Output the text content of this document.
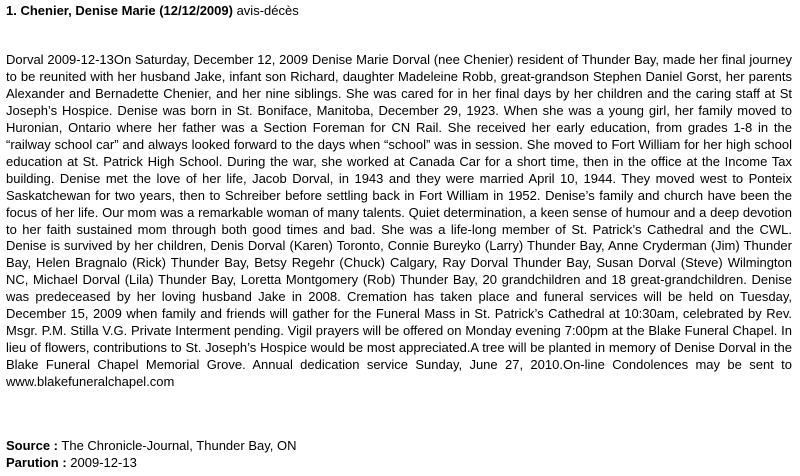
1. Chenier, Denise Marie (12/12/2009) avis-décès

Dorval 2009-12-13On Saturday, December 12, 2009 Denise Marie Dorval (nee Chenier) resident of Thunder Bay, made her final journey to be reunited with her husband Jake, infant son Richard, daughter Madeleine Robb, great-grandson Stephen Daniel Gorst, her parents Alexander and Bernadette Chenier, and her nine siblings. She was cared for in her final days by her children and the caring staff at St Joseph’s Hospice. Denise was born in St. Boniface, Manitoba, December 29, 1923. When she was a young girl, her family moved to Huronian, Ontario where her father was a Section Foreman for CN Rail. She received her early education, from grades 1-8 in the “railway school car” and always looked forward to the days when “school” was in session. She moved to Fort William for her high school education at St. Patrick High School. During the war, she worked at Canada Car for a short time, then in the office at the Income Tax building. Denise met the love of her life, Jacob Dorval, in 1943 and they were married April 10, 1944. They moved west to Ponteix Saskatchewan for two years, then to Schreiber before settling back in Fort William in 1952. Denise’s family and church have been the focus of her life. Our mom was a remarkable woman of many talents. Quiet determination, a keen sense of humour and a deep devotion to her faith sustained mom through both good times and bad. She was a life-long member of St. Patrick’s Cathedral and the CWL. Denise is survived by her children, Denis Dorval (Karen) Toronto, Connie Bureyko (Larry) Thunder Bay, Anne Cryderman (Jim) Thunder Bay, Helen Bragnalo (Rick) Thunder Bay, Betsy Regehr (Chuck) Calgary, Ray Dorval Thunder Bay, Susan Dorval (Steve) Wilmington NC, Michael Dorval (Lila) Thunder Bay, Loretta Montgomery (Rob) Thunder Bay, 20 grandchildren and 18 great-grandchildren. Denise was predeceased by her loving husband Jake in 2008. Cremation has taken place and funeral services will be held on Tuesday, December 15, 2009 when family and friends will gather for the Funeral Mass in St. Patrick’s Cathedral at 10:30am, celebrated by Rev. Msgr. P.M. Stilla V.G. Private Interment pending. Vigil prayers will be offered on Monday evening 7:00pm at the Blake Funeral Chapel. In lieu of flowers, contributions to St. Joseph’s Hospice would be most appreciated.A tree will be planted in memory of Denise Dorval in the Blake Funeral Chapel Memorial Grove. Annual dedication service Sunday, June 27, 2010.On-line Condolences may be sent to www.blakefuneralchapel.com

Source : The Chronicle-Journal, Thunder Bay, ON
Parution : 2009-12-13
